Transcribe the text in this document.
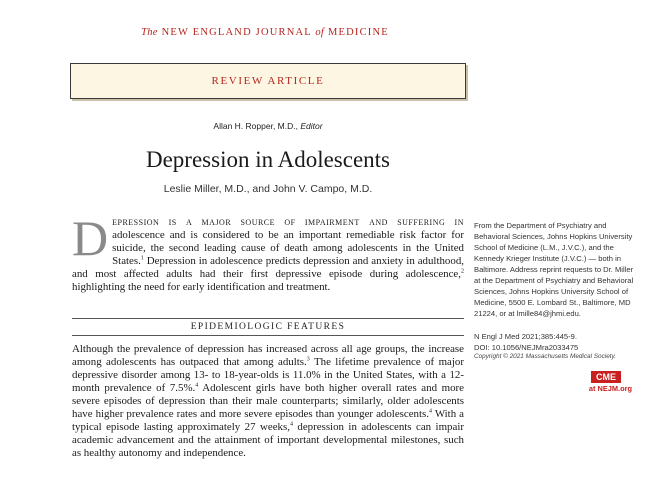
The NEW ENGLAND JOURNAL of MEDICINE
REVIEW ARTICLE
Allan H. Ropper, M.D., Editor
Depression in Adolescents
Leslie Miller, M.D., and John V. Campo, M.D.
D epression is a major source of impairment and suffering in adolescence and is considered to be an important remediable risk factor for suicide, the second leading cause of death among adolescents in the United States.$^1$ Depression in adolescence predicts depression and anxiety in adulthood, and most affected adults had their first depressive episode during adolescence,$^2$ highlighting the need for early identification and treatment.
EPIDEMIOLOGIC FEATURES
Although the prevalence of depression has increased across all age groups, the increase among adolescents has outpaced that among adults.$^3$ The lifetime prevalence of major depressive disorder among 13- to 18-year-olds is 11.0% in the United States, with a 12-month prevalence of 7.5%.$^4$ Adolescent girls have both higher overall rates and more severe episodes of depression than their male counterparts; similarly, older adolescents have higher prevalence rates and more severe episodes than younger adolescents.$^4$ With a typical episode lasting approximately 27 weeks,$^4$ depression in adolescents can impair academic advancement and the attainment of important developmental milestones, such as healthy autonomy and independence.
From the Department of Psychiatry and Behavioral Sciences, Johns Hopkins University School of Medicine (L.M., J.V.C.), and the Kennedy Krieger Institute (J.V.C.) — both in Baltimore. Address reprint requests to Dr. Miller at the Department of Psychiatry and Behavioral Sciences, Johns Hopkins University School of Medicine, 5500 E. Lombard St., Baltimore, MD 21224, or at lmille84@jhmi.edu.
N Engl J Med 2021;385:445-9.
DOI: 10.1056/NEJMra2033475
Copyright © 2021 Massachusetts Medical Society.
CME
at NEJM.org
